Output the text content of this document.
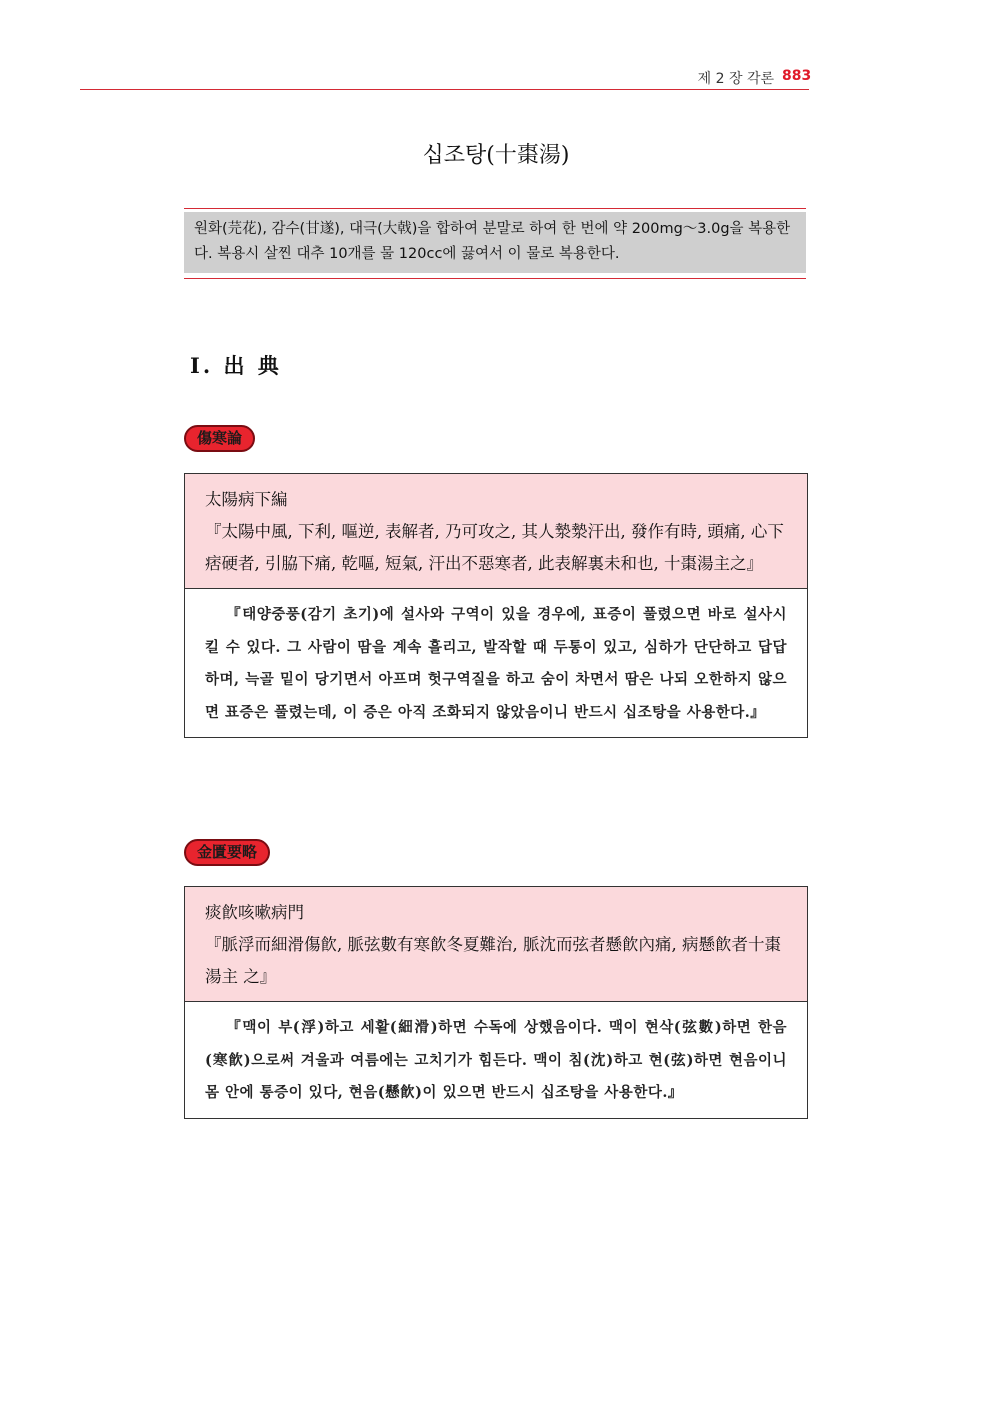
제 2 장 각론 883
십조탕(十棗湯)
원화(芫花), 감수(甘遂), 대극(大戟)을 합하여 분말로 하여 한 번에 약 200mg～3.0g을 복용한다. 복용시 살찐 대추 10개를 물 120cc에 끓여서 이 물로 복용한다.
Ⅰ. 出 典
傷寒論
太陽病下編
『太陽中風, 下利, 嘔逆, 表解者, 乃可攻之, 其人漐漐汗出, 發作有時, 頭痛, 心下痞硬者, 引脇下痛, 乾嘔, 短氣, 汗出不惡寒者, 此表解裏未和也, 十棗湯主之』
『태양중풍(감기 초기)에 설사와 구역이 있을 경우에, 표증이 풀렸으면 바로 설사시킬 수 있다. 그 사람이 땀을 계속 흘리고, 발작할 때 두통이 있고, 심하가 단단하고 답답하며, 늑골 밑이 당기면서 아프며 헛구역질을 하고 숨이 차면서 땀은 나되 오한하지 않으면 표증은 풀렸는데, 이 증은 아직 조화되지 않았음이니 반드시 십조탕을 사용한다.』
金匱要略
痰飮咳嗽病門
『脈浮而細滑傷飮, 脈弦數有寒飮冬夏難治, 脈沈而弦者懸飮內痛, 病懸飮者十棗湯主 之』
『맥이 부(浮)하고 세활(細滑)하면 수독에 상했음이다. 맥이 현삭(弦數)하면 한음(寒飮)으로써 겨울과 여름에는 고치기가 힘든다. 맥이 침(沈)하고 현(弦)하면 현음이니 몸 안에 통증이 있다, 현음(懸飮)이 있으면 반드시 십조탕을 사용한다.』
